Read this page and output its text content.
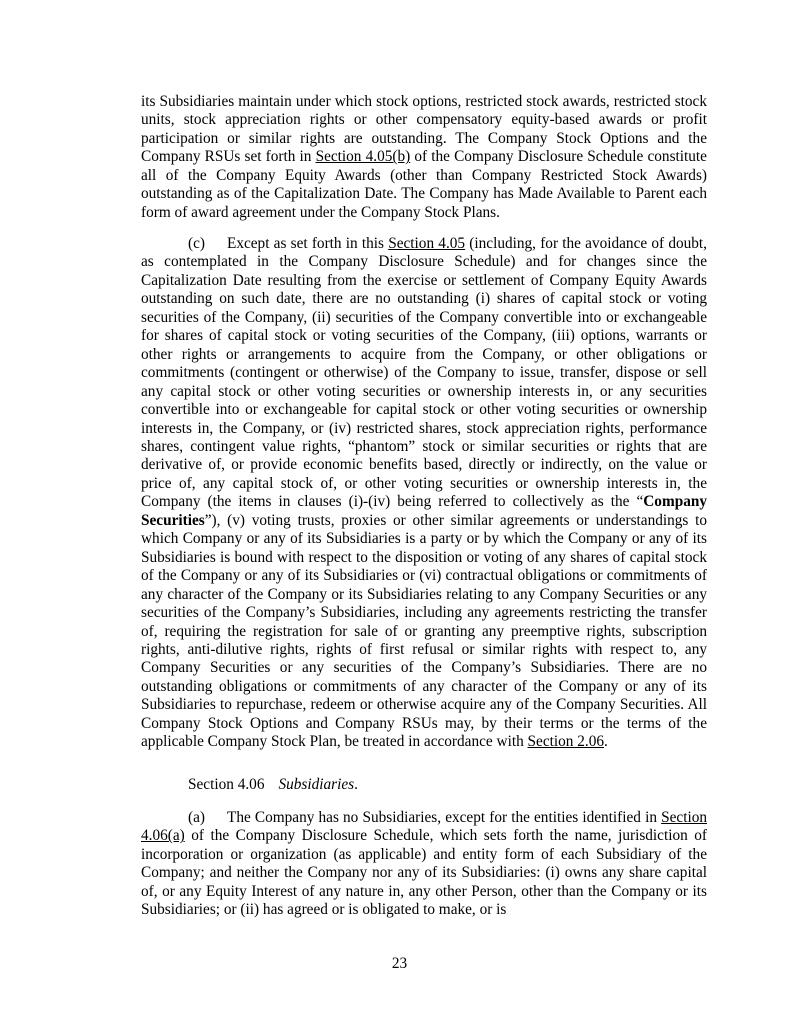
its Subsidiaries maintain under which stock options, restricted stock awards, restricted stock units, stock appreciation rights or other compensatory equity-based awards or profit participation or similar rights are outstanding. The Company Stock Options and the Company RSUs set forth in Section 4.05(b) of the Company Disclosure Schedule constitute all of the Company Equity Awards (other than Company Restricted Stock Awards) outstanding as of the Capitalization Date. The Company has Made Available to Parent each form of award agreement under the Company Stock Plans.

(c) Except as set forth in this Section 4.05 (including, for the avoidance of doubt, as contemplated in the Company Disclosure Schedule) and for changes since the Capitalization Date resulting from the exercise or settlement of Company Equity Awards outstanding on such date, there are no outstanding (i) shares of capital stock or voting securities of the Company, (ii) securities of the Company convertible into or exchangeable for shares of capital stock or voting securities of the Company, (iii) options, warrants or other rights or arrangements to acquire from the Company, or other obligations or commitments (contingent or otherwise) of the Company to issue, transfer, dispose or sell any capital stock or other voting securities or ownership interests in, or any securities convertible into or exchangeable for capital stock or other voting securities or ownership interests in, the Company, or (iv) restricted shares, stock appreciation rights, performance shares, contingent value rights, “phantom” stock or similar securities or rights that are derivative of, or provide economic benefits based, directly or indirectly, on the value or price of, any capital stock of, or other voting securities or ownership interests in, the Company (the items in clauses (i)-(iv) being referred to collectively as the “Company Securities”), (v) voting trusts, proxies or other similar agreements or understandings to which Company or any of its Subsidiaries is a party or by which the Company or any of its Subsidiaries is bound with respect to the disposition or voting of any shares of capital stock of the Company or any of its Subsidiaries or (vi) contractual obligations or commitments of any character of the Company or its Subsidiaries relating to any Company Securities or any securities of the Company’s Subsidiaries, including any agreements restricting the transfer of, requiring the registration for sale of or granting any preemptive rights, subscription rights, anti-dilutive rights, rights of first refusal or similar rights with respect to, any Company Securities or any securities of the Company’s Subsidiaries. There are no outstanding obligations or commitments of any character of the Company or any of its Subsidiaries to repurchase, redeem or otherwise acquire any of the Company Securities. All Company Stock Options and Company RSUs may, by their terms or the terms of the applicable Company Stock Plan, be treated in accordance with Section 2.06.

Section 4.06 Subsidiaries.

(a) The Company has no Subsidiaries, except for the entities identified in Section 4.06(a) of the Company Disclosure Schedule, which sets forth the name, jurisdiction of incorporation or organization (as applicable) and entity form of each Subsidiary of the Company; and neither the Company nor any of its Subsidiaries: (i) owns any share capital of, or any Equity Interest of any nature in, any other Person, other than the Company or its Subsidiaries; or (ii) has agreed or is obligated to make, or is

23
